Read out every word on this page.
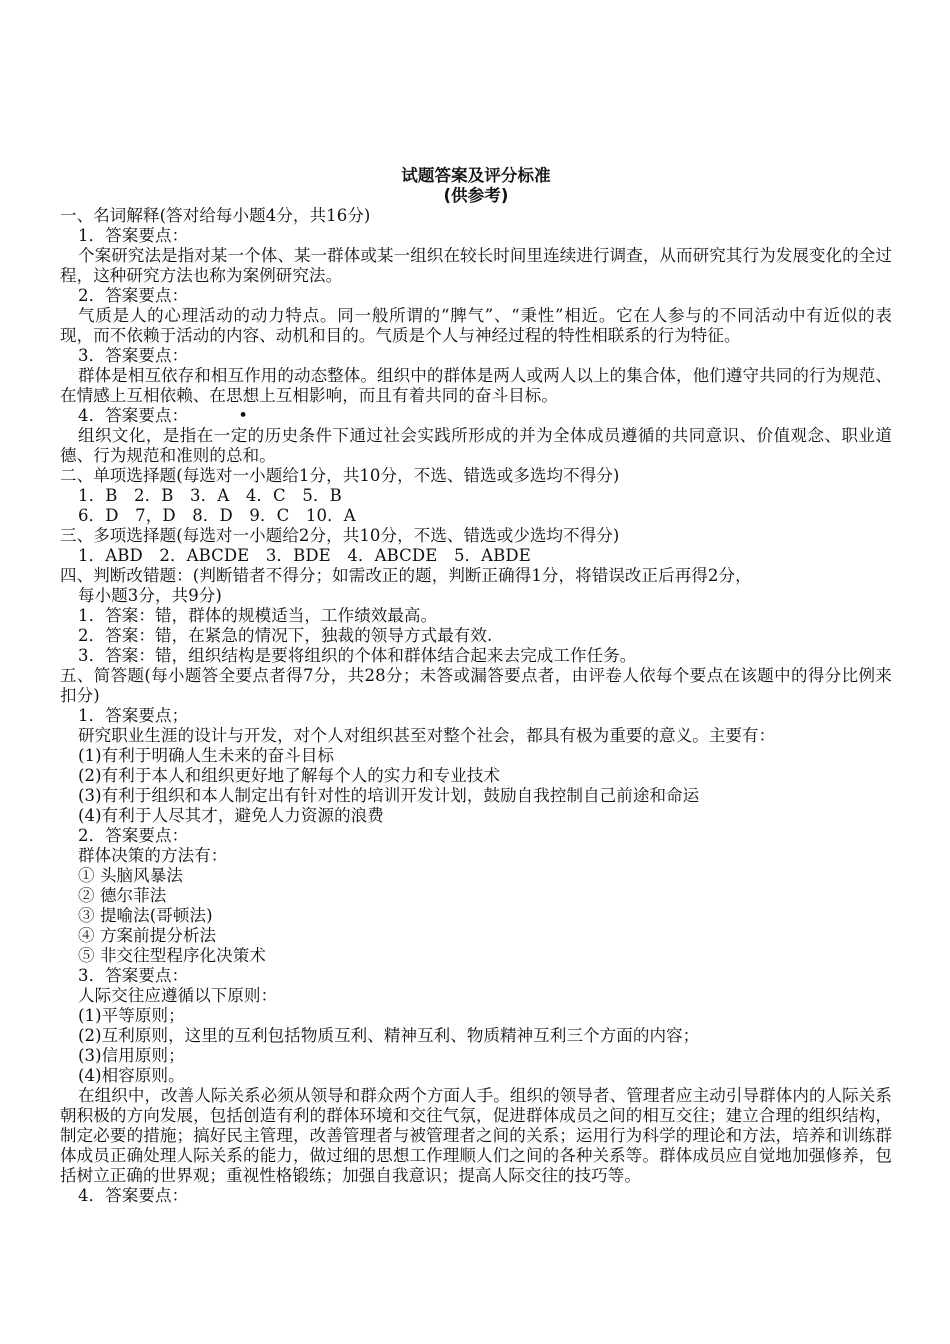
试题答案及评分标准
(供参考)
一、名词解释(答对给每小题4分，共16分)
1．答案要点：
个案研究法是指对某一个体、某一群体或某一组织在较长时间里连续进行调查，从而研究其行为发展变化的全过程，这种研究方法也称为案例研究法。
2．答案要点：
气质是人的心理活动的动力特点。同一般所谓的“脾气”、“秉性”相近。它在人参与的不同活动中有近似的表现，而不依赖于活动的内容、动机和目的。气质是个人与神经过程的特性相联系的行为特征。
3．答案要点：
群体是相互依存和相互作用的动态整体。组织中的群体是两人或两人以上的集合体，他们遵守共同的行为规范、在情感上互相依赖、在思想上互相影响，而且有着共同的奋斗目标。
4．答案要点：	•
组织文化，是指在一定的历史条件下通过社会实践所形成的并为全体成员遵循的共同意识、价值观念、职业道德、行为规范和准则的总和。
二、单项选择题(每选对一小题给1分，共10分，不选、错选或多选均不得分)
1．B　2．B　3．A　4．C　5．B
6．D　7，D　8．D　9．C　10．A
三、多项选择题(每选对一小题给2分，共10分，不选、错选或少选均不得分)
1．ABD　2．ABCDE　3．BDE　4．ABCDE　5．ABDE
四、判断改错题：(判断错者不得分；如需改正的题，判断正确得1分，将错误改正后再得2分，
每小题3分，共9分)
1．答案：错，群体的规模适当，工作绩效最高。
2．答案：错，在紧急的情况下，独裁的领导方式最有效.
3．答案：错，组织结构是要将组织的个体和群体结合起来去完成工作任务。
五、简答题(每小题答全要点者得7分，共28分；未答或漏答要点者，由评卷人依每个要点在该题中的得分比例来扣分)
1．答案要点；
研究职业生涯的设计与开发，对个人对组织甚至对整个社会，都具有极为重要的意义。主要有：
(1)有利于明确人生未来的奋斗目标
(2)有利于本人和组织更好地了解每个人的实力和专业技术
(3)有利于组织和本人制定出有针对性的培训开发计划，鼓励自我控制自己前途和命运
(4)有利于人尽其才，避免人力资源的浪费
2．答案要点：
群体决策的方法有：
① 头脑风暴法
② 德尔菲法
③ 提喻法(哥顿法)
④ 方案前提分析法
⑤ 非交往型程序化决策术
3．答案要点：
人际交往应遵循以下原则：
(1)平等原则；
(2)互利原则，这里的互利包括物质互利、精神互利、物质精神互利三个方面的内容；
(3)信用原则；
(4)相容原则。
在组织中，改善人际关系必须从领导和群众两个方面人手。组织的领导者、管理者应主动引导群体内的人际关系朝积极的方向发展，包括创造有利的群体环境和交往气氛，促进群体成员之间的相互交往；建立合理的组织结构，制定必要的措施；搞好民主管理，改善管理者与被管理者之间的关系；运用行为科学的理论和方法，培养和训练群体成员正确处理人际关系的能力，做过细的思想工作理顺人们之间的各种关系等。群体成员应自觉地加强修养，包括树立正确的世界观；重视性格锻练；加强自我意识；提高人际交往的技巧等。
4．答案要点：
